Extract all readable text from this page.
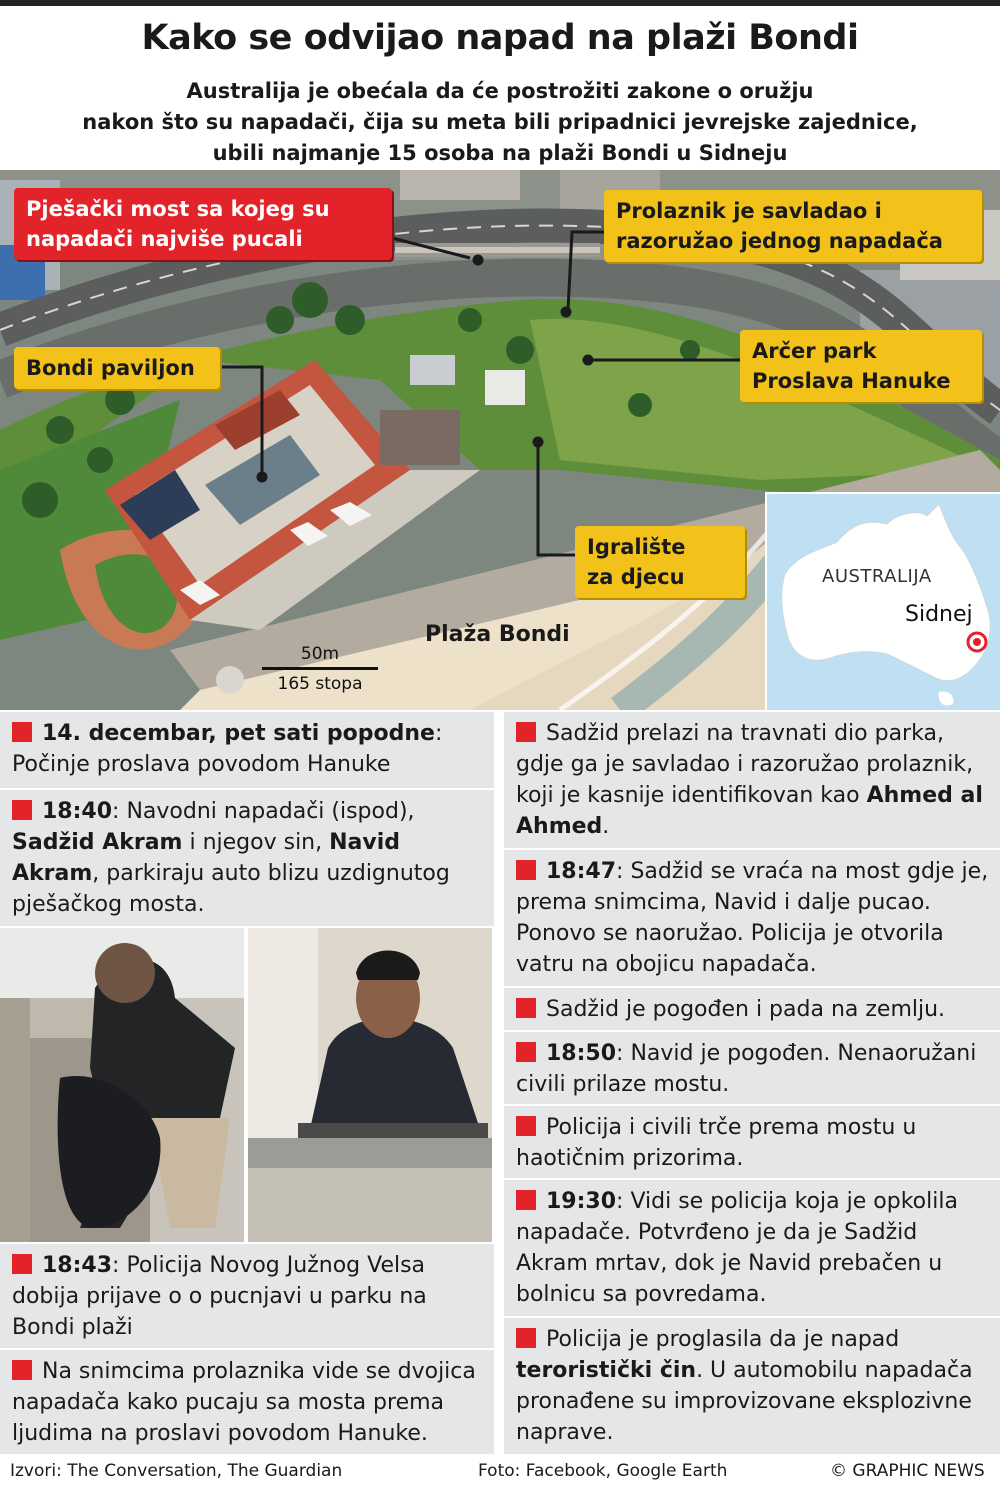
Kako se odvijao napad na plaži Bondi
Australija je obećala da će postrožiti zakone o oružju
nakon što su napadači, čija su meta bili pripadnici jevrejske zajednice,
ubili najmanje 15 osoba na plaži Bondi u Sidneju
Pješački most sa kojeg su
napadači najviše pucali
Prolaznik je savladao i
razoružao jednog napadača
Bondi paviljon
Arčer park
Proslava Hanuke
Igralište
za djecu
Plaža Bondi
50m
165 stopa
AUSTRALIJA
Sidnej
14. decembar, pet sati popodne:
Počinje proslava povodom Hanuke
18:40: Navodni napadači (ispod), Sadžid Akram i njegov sin, Navid Akram, parkiraju auto blizu uzdignutog pješačkog mosta.
18:43: Policija Novog Južnog Velsa dobija prijave o o pucnjavi u parku na Bondi plaži
Na snimcima prolaznika vide se dvojica napadača kako pucaju sa mosta prema ljudima na proslavi povodom Hanuke.
Sadžid prelazi na travnati dio parka, gdje ga je savladao i razoružao prolaznik, koji je kasnije identifikovan kao Ahmed al Ahmed.
18:47: Sadžid se vraća na most gdje je, prema snimcima, Navid i dalje pucao. Ponovo se naoružao. Policija je otvorila vatru na obojicu napadača.
Sadžid je pogođen i pada na zemlju.
18:50: Navid je pogođen. Nenaoružani civili prilaze mostu.
Policija i civili trče prema mostu u haotičnim prizorima.
19:30: Vidi se policija koja je opkolila napadače. Potvrđeno je da je Sadžid Akram mrtav, dok je Navid prebačen u bolnicu sa povredama.
Policija je proglasila da je napad teroristički čin. U automobilu napadača pronađene su improvizovane eksplozivne naprave.
Izvori: The Conversation, The Guardian	Foto: Facebook, Google Earth	© GRAPHIC NEWS
